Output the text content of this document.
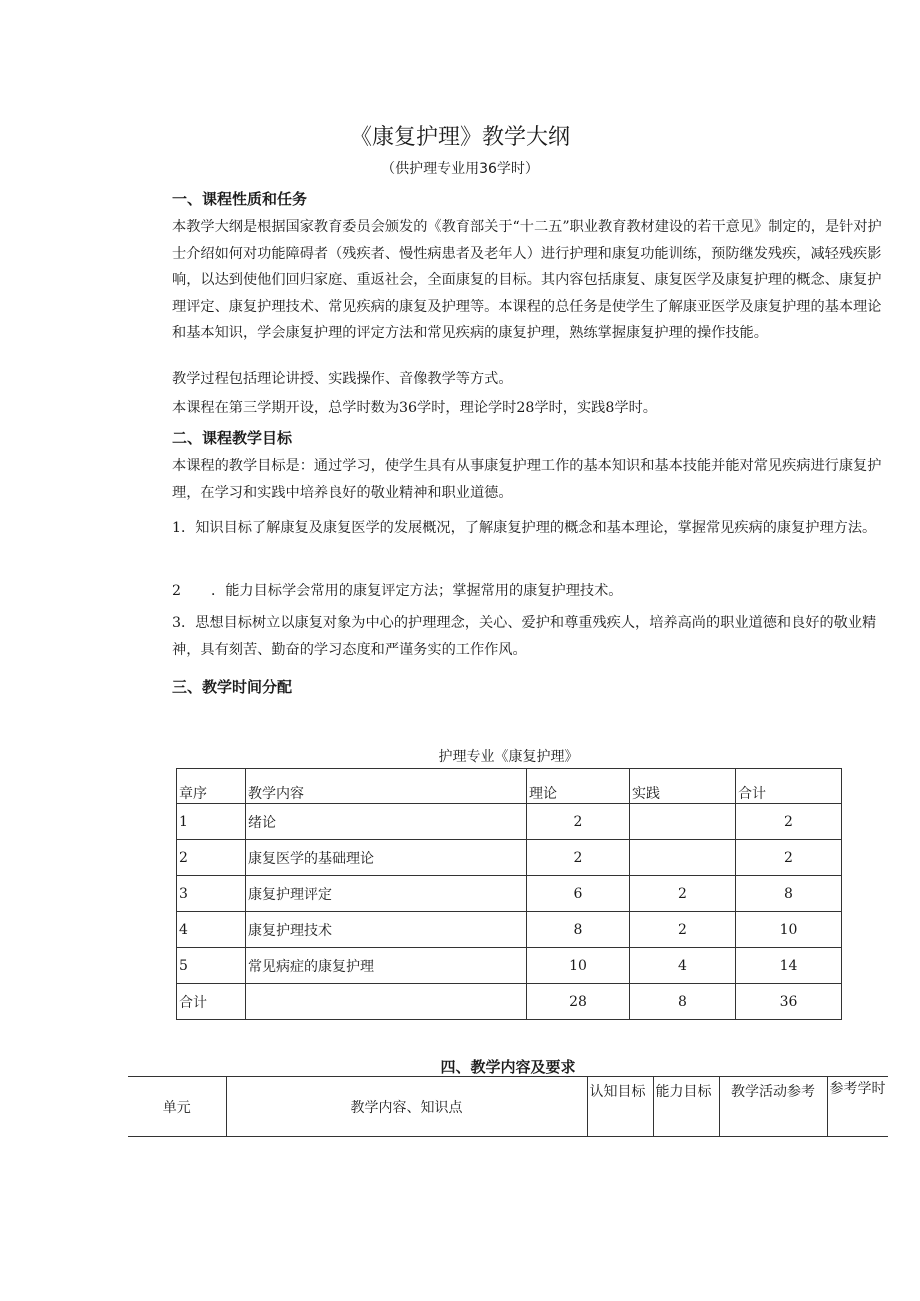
《康复护理》教学大纲
（供护理专业用36学时）
一、课程性质和任务

本教学大纲是根据国家教育委员会颁发的《教育部关于“十二五”职业教育教材建设的若干意见》制定的，是针对护士介绍如何对功能障碍者（残疾者、慢性病患者及老年人）进行护理和康复功能训练，预防继发残疾，减轻残疾影响，以达到使他们回归家庭、重返社会，全面康复的目标。其内容包括康复、康复医学及康复护理的概念、康复护理评定、康复护理技术、常见疾病的康复及护理等。本课程的总任务是使学生了解康亚医学及康复护理的基本理论和基本知识，学会康复护理的评定方法和常见疾病的康复护理，熟练掌握康复护理的操作技能。

教学过程包括理论讲授、实践操作、音像教学等方式。
本课程在第三学期开设，总学时数为36学时，理论学时28学时，实践8学时。
二、课程教学目标

本课程的教学目标是：通过学习，使学生具有从事康复护理工作的基本知识和基本技能并能对常见疾病进行康复护理，在学习和实践中培养良好的敬业精神和职业道德。

1．知识目标了解康复及康复医学的发展概况，了解康复护理的概念和基本理论，掌握常见疾病的康复护理方法。

2 ．能力目标学会常用的康复评定方法；掌握常用的康复护理技术。

3．思想目标树立以康复对象为中心的护理理念，关心、爱护和尊重残疾人，培养高尚的职业道德和良好的敬业精神，具有刻苦、勤奋的学习态度和严谨务实的工作作风。

三、教学时间分配
护理专业《康复护理》
章序	教学内容	理论	实践	合计
1	绪论	2		2
2	康复医学的基础理论	2		2
3	康复护理评定	6	2	8
4	康复护理技术	8	2	10
5	常见病症的康复护理	10	4	14
合计		28	8	36
四、教学内容及要求
单元	教学内容、知识点	认知目标	能力目标	教学活动参考	参考学时
